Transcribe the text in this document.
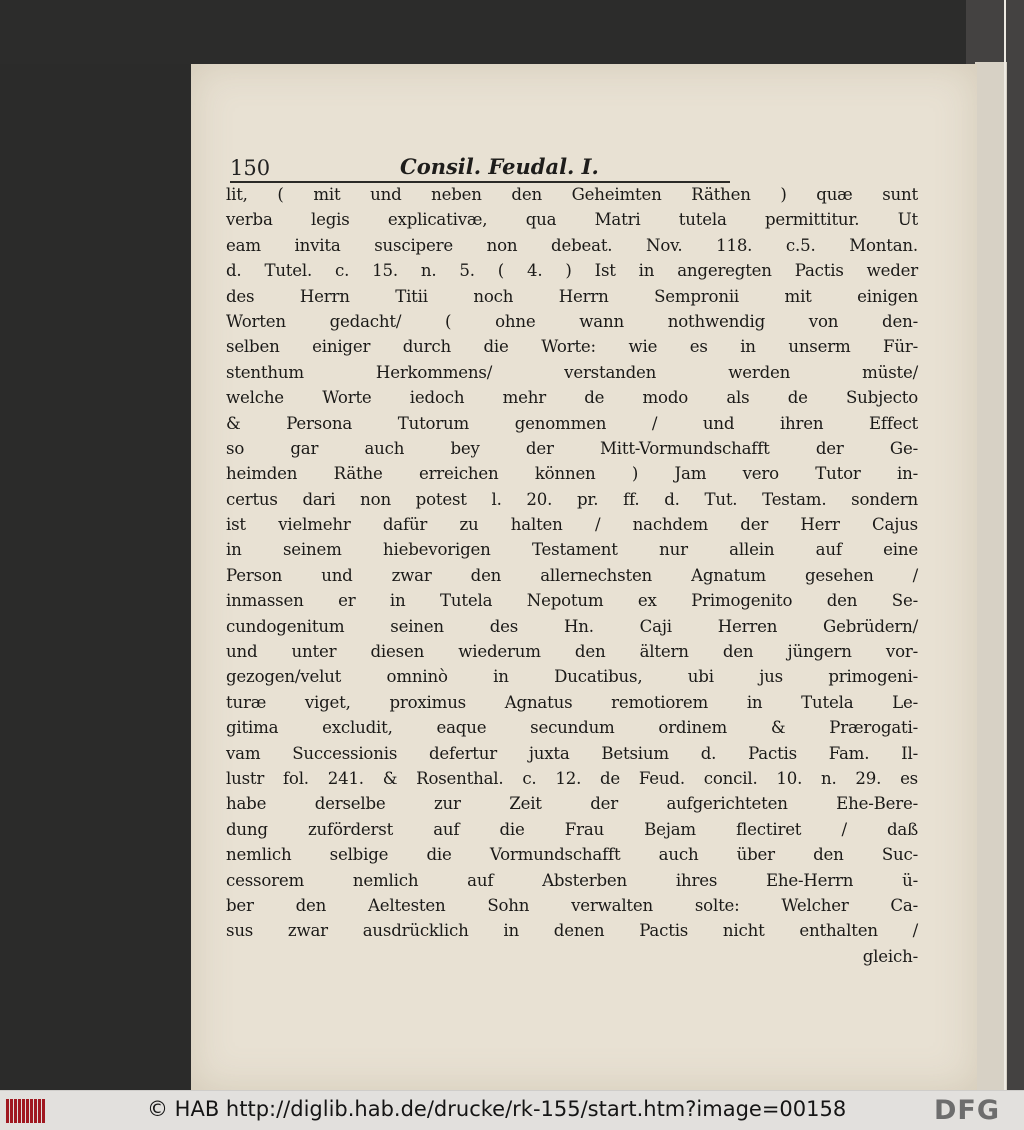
150	Consil. Feudal. I.
lit, ( mit und neben den Geheimten Räthen ) quæ sunt
verba legis explicativæ, qua Matri tutela permittitur. Ut
eam invita suscipere non debeat. Nov. 118. c.5. Montan.
d. Tutel. c. 15. n. 5. ( 4. ) Ist in angeregten Pactis weder
des Herrn Titii noch Herrn Sempronii mit einigen
Worten gedacht/ ( ohne wann nothwendig von den-
selben einiger durch die Worte: wie es in unserm Für-
stenthum Herkommens/ verstanden werden müste/
welche Worte iedoch mehr de modo als de Subjecto
& Persona Tutorum genommen / und ihren Effect
so gar auch bey der Mitt-Vormundschafft der Ge-
heimden Räthe erreichen können ) Jam vero Tutor in-
certus dari non potest l. 20. pr. ff. d. Tut. Testam. sondern
ist vielmehr dafür zu halten / nachdem der Herr Cajus
in seinem hiebevorigen Testament nur allein auf eine
Person und zwar den allernechsten Agnatum gesehen /
inmassen er in Tutela Nepotum ex Primogenito den Se-
cundogenitum seinen des Hn. Caji Herren Gebrüdern/
und unter diesen wiederum den ältern den jüngern vor-
gezogen/velut omninò in Ducatibus, ubi jus primogeni-
turæ viget, proximus Agnatus remotiorem in Tutela Le-
gitima excludit, eaque secundum ordinem & Prærogati-
vam Successionis defertur juxta Betsium d. Pactis Fam. Il-
lustr fol. 241. & Rosenthal. c. 12. de Feud. concil. 10. n. 29. es
habe derselbe zur Zeit der aufgerichteten Ehe-Bere-
dung zuförderst auf die Frau Bejam flectiret / daß
nemlich selbige die Vormundschafft auch über den Suc-
cessorem nemlich auf Absterben ihres Ehe-Herrn ü-
ber den Aeltesten Sohn verwalten solte: Welcher Ca-
sus zwar ausdrücklich in denen Pactis nicht enthalten /
gleich-
© HAB http://diglib.hab.de/drucke/rk-155/start.htm?image=00158	DFG
